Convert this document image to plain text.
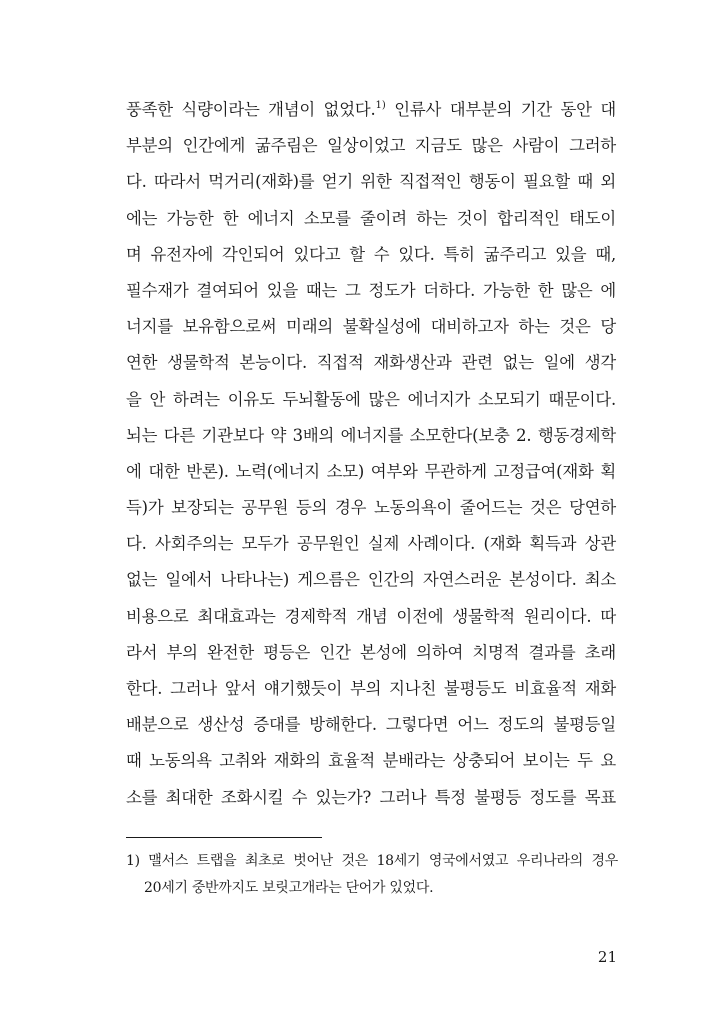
풍족한 식량이라는 개념이 없었다.$^{1)}$ 인류사 대부분의 기간 동안 대
부분의 인간에게 굶주림은 일상이었고 지금도 많은 사람이 그러하
다. 따라서 먹거리(재화)를 얻기 위한 직접적인 행동이 필요할 때 외
에는 가능한 한 에너지 소모를 줄이려 하는 것이 합리적인 태도이
며 유전자에 각인되어 있다고 할 수 있다. 특히 굶주리고 있을 때,
필수재가 결여되어 있을 때는 그 정도가 더하다. 가능한 한 많은 에
너지를 보유함으로써 미래의 불확실성에 대비하고자 하는 것은 당
연한 생물학적 본능이다. 직접적 재화생산과 관련 없는 일에 생각
을 안 하려는 이유도 두뇌활동에 많은 에너지가 소모되기 때문이다.
뇌는 다른 기관보다 약 3배의 에너지를 소모한다(보충 2. 행동경제학
에 대한 반론). 노력(에너지 소모) 여부와 무관하게 고정급여(재화 획
득)가 보장되는 공무원 등의 경우 노동의욕이 줄어드는 것은 당연하
다. 사회주의는 모두가 공무원인 실제 사례이다. (재화 획득과 상관
없는 일에서 나타나는) 게으름은 인간의 자연스러운 본성이다. 최소
비용으로 최대효과는 경제학적 개념 이전에 생물학적 원리이다. 따
라서 부의 완전한 평등은 인간 본성에 의하여 치명적 결과를 초래
한다. 그러나 앞서 얘기했듯이 부의 지나친 불평등도 비효율적 재화
배분으로 생산성 증대를 방해한다. 그렇다면 어느 정도의 불평등일
때 노동의욕 고취와 재화의 효율적 분배라는 상충되어 보이는 두 요
소를 최대한 조화시킬 수 있는가? 그러나 특정 불평등 정도를 목표
1) 맬서스 트랩을 최초로 벗어난 것은 18세기 영국에서였고 우리나라의 경우
20세기 중반까지도 보릿고개라는 단어가 있었다.
21
